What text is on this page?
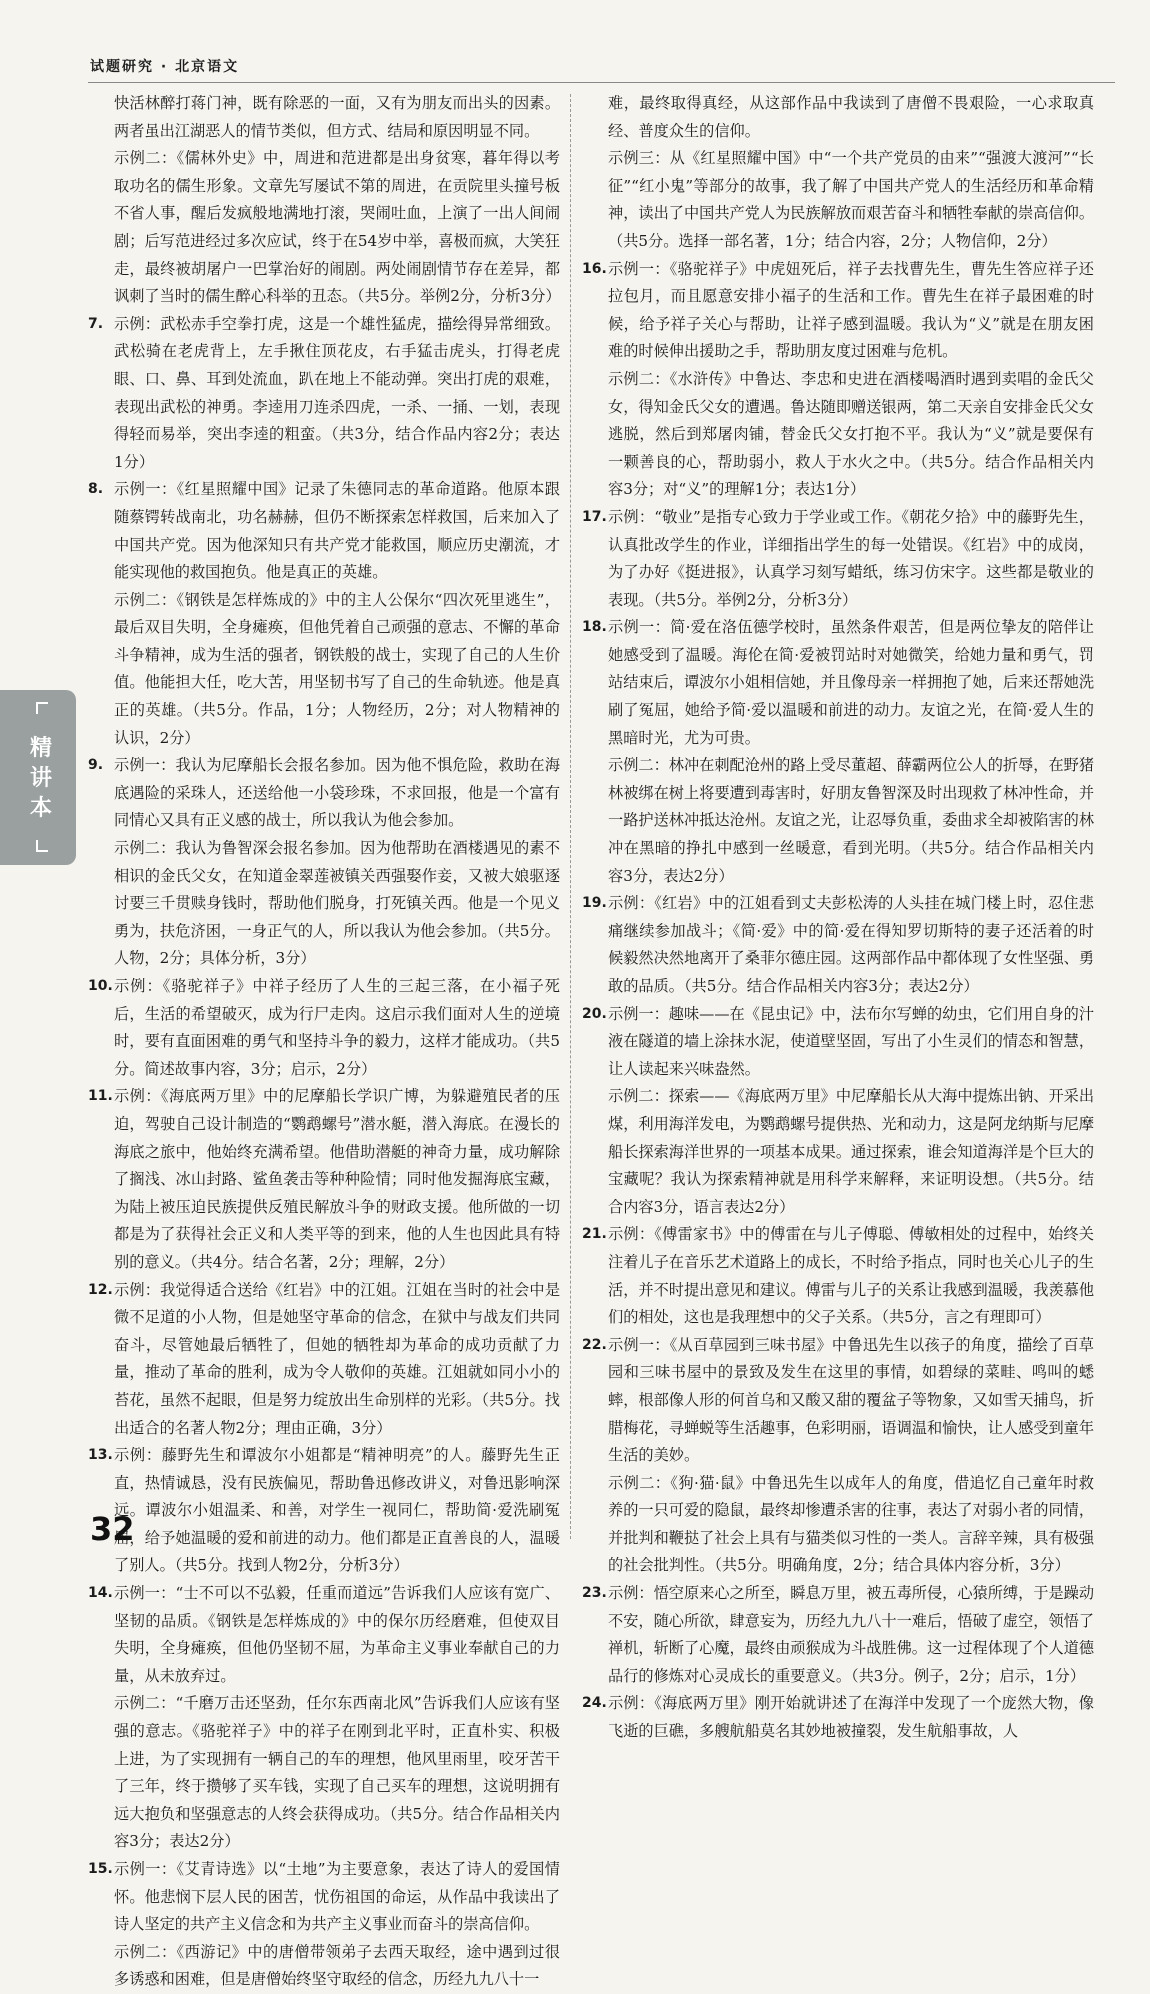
试题研究 · 北京语文
快活林醉打蒋门神，既有除恶的一面，又有为朋友而出头的因素。两者虽出江湖恶人的情节类似，但方式、结局和原因明显不同。
示例二：《儒林外史》中，周进和范进都是出身贫寒，暮年得以考取功名的儒生形象。文章先写屡试不第的周进，在贡院里头撞号板不省人事，醒后发疯般地满地打滚，哭闹吐血，上演了一出人间闹剧；后写范进经过多次应试，终于在54岁中举，喜极而疯，大笑狂走，最终被胡屠户一巴掌治好的闹剧。两处闹剧情节存在差异，都讽刺了当时的儒生醉心科举的丑态。（共5分。举例2分，分析3分）
7. 示例：武松赤手空拳打虎，这是一个雄性猛虎，描绘得异常细致。武松骑在老虎背上，左手揪住顶花皮，右手猛击虎头，打得老虎眼、口、鼻、耳到处流血，趴在地上不能动弹。突出打虎的艰难，表现出武松的神勇。李逵用刀连杀四虎，一杀、一捅、一划，表现得轻而易举，突出李逵的粗蛮。（共3分，结合作品内容2分；表达1分）
8. 示例一：《红星照耀中国》记录了朱德同志的革命道路。他原本跟随蔡锷转战南北，功名赫赫，但仍不断探索怎样救国，后来加入了中国共产党。因为他深知只有共产党才能救国，顺应历史潮流，才能实现他的救国抱负。他是真正的英雄。
示例二：《钢铁是怎样炼成的》中的主人公保尔“四次死里逃生”，最后双目失明，全身瘫痪，但他凭着自己顽强的意志、不懈的革命斗争精神，成为生活的强者，钢铁般的战士，实现了自己的人生价值。他能担大任，吃大苦，用坚韧书写了自己的生命轨迹。他是真正的英雄。（共5分。作品，1分；人物经历，2分；对人物精神的认识，2分）
9. 示例一：我认为尼摩船长会报名参加。因为他不惧危险，救助在海底遇险的采珠人，还送给他一小袋珍珠，不求回报，他是一个富有同情心又具有正义感的战士，所以我认为他会参加。
示例二：我认为鲁智深会报名参加。因为他帮助在酒楼遇见的素不相识的金氏父女，在知道金翠莲被镇关西强娶作妾，又被大娘驱逐讨要三千贯赎身钱时，帮助他们脱身，打死镇关西。他是一个见义勇为，扶危济困，一身正气的人，所以我认为他会参加。（共5分。人物，2分；具体分析，3分）
10. 示例：《骆驼祥子》中祥子经历了人生的三起三落，在小福子死后，生活的希望破灭，成为行尸走肉。这启示我们面对人生的逆境时，要有直面困难的勇气和坚持斗争的毅力，这样才能成功。（共5分。简述故事内容，3分；启示，2分）
11. 示例：《海底两万里》中的尼摩船长学识广博，为躲避殖民者的压迫，驾驶自己设计制造的“鹦鹉螺号”潜水艇，潜入海底。在漫长的海底之旅中，他始终充满希望。他借助潜艇的神奇力量，成功解除了搁浅、冰山封路、鲨鱼袭击等种种险情；同时他发掘海底宝藏，为陆上被压迫民族提供反殖民解放斗争的财政支援。他所做的一切都是为了获得社会正义和人类平等的到来，他的人生也因此具有特别的意义。（共4分。结合名著，2分；理解，2分）
12. 示例：我觉得适合送给《红岩》中的江姐。江姐在当时的社会中是微不足道的小人物，但是她坚守革命的信念，在狱中与战友们共同奋斗，尽管她最后牺牲了，但她的牺牲却为革命的成功贡献了力量，推动了革命的胜利，成为令人敬仰的英雄。江姐就如同小小的苔花，虽然不起眼，但是努力绽放出生命别样的光彩。（共5分。找出适合的名著人物2分；理由正确，3分）
13. 示例：藤野先生和谭波尔小姐都是“精神明亮”的人。藤野先生正直，热情诚恳，没有民族偏见，帮助鲁迅修改讲义，对鲁迅影响深远。谭波尔小姐温柔、和善，对学生一视同仁，帮助简·爱洗刷冤屈，给予她温暖的爱和前进的动力。他们都是正直善良的人，温暖了别人。（共5分。找到人物2分，分析3分）
14. 示例一：“士不可以不弘毅，任重而道远”告诉我们人应该有宽广、坚韧的品质。《钢铁是怎样炼成的》中的保尔历经磨难，但使双目失明，全身瘫痪，但他仍坚韧不屈，为革命主义事业奉献自己的力量，从未放弃过。
示例二：“千磨万击还坚劲，任尔东西南北风”告诉我们人应该有坚强的意志。《骆驼祥子》中的祥子在刚到北平时，正直朴实、积极上进，为了实现拥有一辆自己的车的理想，他风里雨里，咬牙苦干了三年，终于攒够了买车钱，实现了自己买车的理想，这说明拥有远大抱负和坚强意志的人终会获得成功。（共5分。结合作品相关内容3分；表达2分）
15. 示例一：《艾青诗选》以“土地”为主要意象，表达了诗人的爱国情怀。他悲悯下层人民的困苦，忧伤祖国的命运，从作品中我读出了诗人坚定的共产主义信念和为共产主义事业而奋斗的崇高信仰。
示例二：《西游记》中的唐僧带领弟子去西天取经，途中遇到过很多诱惑和困难，但是唐僧始终坚守取经的信念，历经九九八十一
难，最终取得真经，从这部作品中我读到了唐僧不畏艰险，一心求取真经、普度众生的信仰。
示例三：从《红星照耀中国》中“一个共产党员的由来”“强渡大渡河”“长征”“红小鬼”等部分的故事，我了解了中国共产党人的生活经历和革命精神，读出了中国共产党人为民族解放而艰苦奋斗和牺牲奉献的崇高信仰。（共5分。选择一部名著，1分；结合内容，2分；人物信仰，2分）
16. 示例一：《骆驼祥子》中虎妞死后，祥子去找曹先生，曹先生答应祥子还拉包月，而且愿意安排小福子的生活和工作。曹先生在祥子最困难的时候，给予祥子关心与帮助，让祥子感到温暖。我认为“义”就是在朋友困难的时候伸出援助之手，帮助朋友度过困难与危机。
示例二：《水浒传》中鲁达、李忠和史进在酒楼喝酒时遇到卖唱的金氏父女，得知金氏父女的遭遇。鲁达随即赠送银两，第二天亲自安排金氏父女逃脱，然后到郑屠肉铺，替金氏父女打抱不平。我认为“义”就是要保有一颗善良的心，帮助弱小，救人于水火之中。（共5分。结合作品相关内容3分；对“义”的理解1分；表达1分）
17. 示例：“敬业”是指专心致力于学业或工作。《朝花夕拾》中的藤野先生，认真批改学生的作业，详细指出学生的每一处错误。《红岩》中的成岗，为了办好《挺进报》，认真学习刻写蜡纸，练习仿宋字。这些都是敬业的表现。（共5分。举例2分，分析3分）
18. 示例一：简·爱在洛伍德学校时，虽然条件艰苦，但是两位挚友的陪伴让她感受到了温暖。海伦在简·爱被罚站时对她微笑，给她力量和勇气，罚站结束后，谭波尔小姐相信她，并且像母亲一样拥抱了她，后来还帮她洗刷了冤屈，她给予简·爱以温暖和前进的动力。友谊之光，在简·爱人生的黑暗时光，尤为可贵。
示例二：林冲在刺配沧州的路上受尽董超、薛霸两位公人的折辱，在野猪林被绑在树上将要遭到毒害时，好朋友鲁智深及时出现救了林冲性命，并一路护送林冲抵达沧州。友谊之光，让忍辱负重，委曲求全却被陷害的林冲在黑暗的挣扎中感到一丝暖意，看到光明。（共5分。结合作品相关内容3分，表达2分）
19. 示例：《红岩》中的江姐看到丈夫彭松涛的人头挂在城门楼上时，忍住悲痛继续参加战斗；《简·爱》中的简·爱在得知罗切斯特的妻子还活着的时候毅然决然地离开了桑菲尔德庄园。这两部作品中都体现了女性坚强、勇敢的品质。（共5分。结合作品相关内容3分；表达2分）
20. 示例一：趣味——在《昆虫记》中，法布尔写蝉的幼虫，它们用自身的汁液在隧道的墙上涂抹水泥，使道壁坚固，写出了小生灵们的情态和智慧，让人读起来兴味盎然。
示例二：探索——《海底两万里》中尼摩船长从大海中提炼出钠、开采出煤，利用海洋发电，为鹦鹉螺号提供热、光和动力，这是阿龙纳斯与尼摩船长探索海洋世界的一项基本成果。通过探索，谁会知道海洋是个巨大的宝藏呢？我认为探索精神就是用科学来解释，来证明设想。（共5分。结合内容3分，语言表达2分）
21. 示例：《傅雷家书》中的傅雷在与儿子傅聪、傅敏相处的过程中，始终关注着儿子在音乐艺术道路上的成长，不时给予指点，同时也关心儿子的生活，并不时提出意见和建议。傅雷与儿子的关系让我感到温暖，我羡慕他们的相处，这也是我理想中的父子关系。（共5分，言之有理即可）
22. 示例一：《从百草园到三味书屋》中鲁迅先生以孩子的角度，描绘了百草园和三味书屋中的景致及发生在这里的事情，如碧绿的菜畦、鸣叫的蟋蟀，根部像人形的何首乌和又酸又甜的覆盆子等物象，又如雪天捕鸟，折腊梅花，寻蝉蜕等生活趣事，色彩明丽，语调温和愉快，让人感受到童年生活的美妙。
示例二：《狗·猫·鼠》中鲁迅先生以成年人的角度，借追忆自己童年时救养的一只可爱的隐鼠，最终却惨遭杀害的往事，表达了对弱小者的同情，并批判和鞭挞了社会上具有与猫类似习性的一类人。言辞辛辣，具有极强的社会批判性。（共5分。明确角度，2分；结合具体内容分析，3分）
23. 示例：悟空原来心之所至，瞬息万里，被五毒所侵，心猿所缚，于是躁动不安，随心所欲，肆意妄为，历经九九八十一难后，悟破了虚空，领悟了禅机，斩断了心魔，最终由顽猴成为斗战胜佛。这一过程体现了个人道德品行的修炼对心灵成长的重要意义。（共3分。例子，2分；启示，1分）
24. 示例：《海底两万里》刚开始就讲述了在海洋中发现了一个庞然大物，像飞逝的巨礁，多艘航船莫名其妙地被撞裂，发生航船事故，人
精讲本
32
